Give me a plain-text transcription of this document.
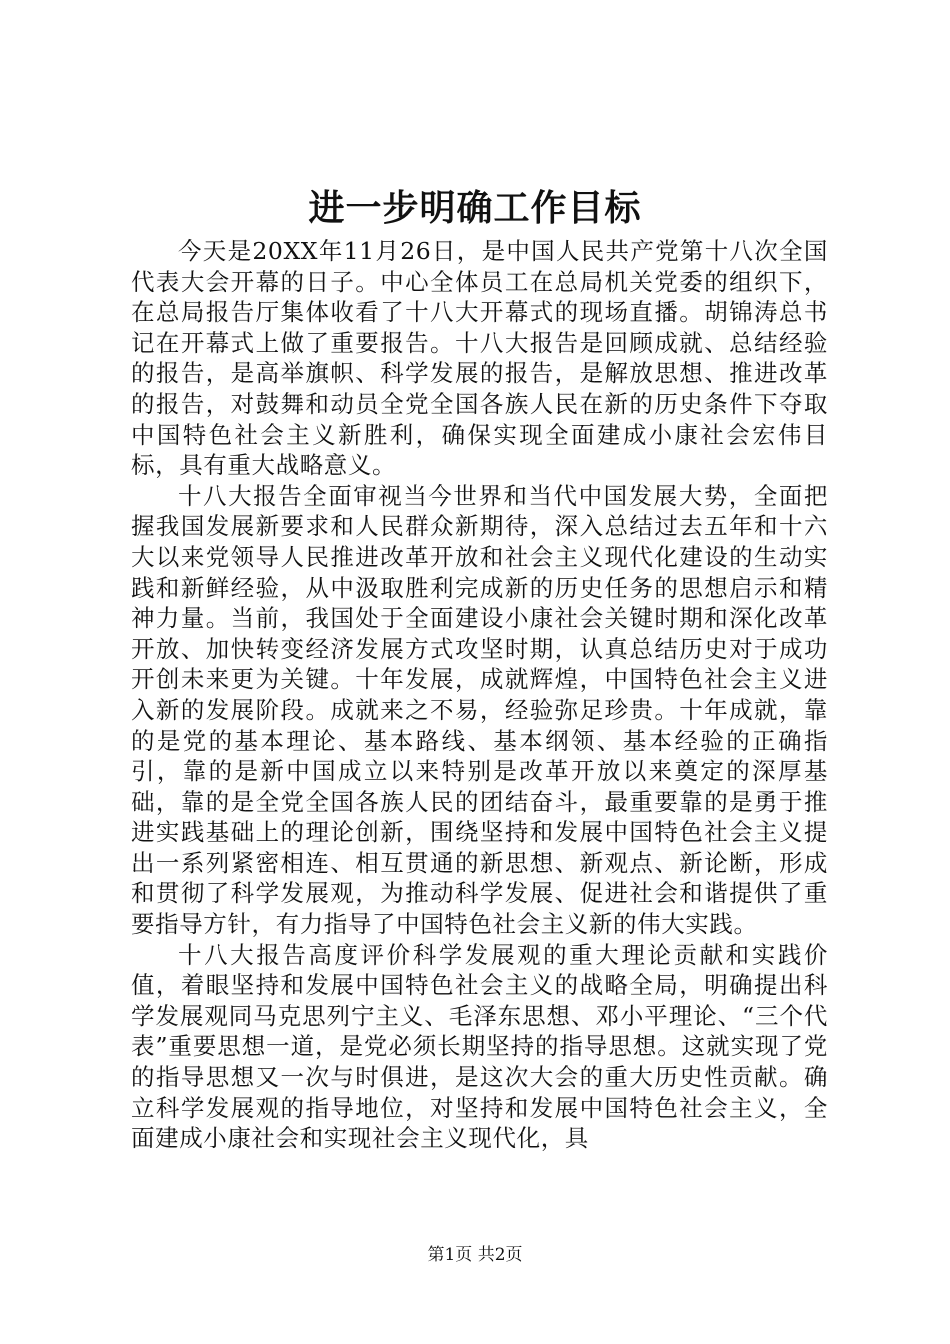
进一步明确工作目标

今天是20XX年11月26日，是中国人民共产党第十八次全国代表大会开幕的日子。中心全体员工在总局机关党委的组织下，在总局报告厅集体收看了十八大开幕式的现场直播。胡锦涛总书记在开幕式上做了重要报告。十八大报告是回顾成就、总结经验的报告，是高举旗帜、科学发展的报告，是解放思想、推进改革的报告，对鼓舞和动员全党全国各族人民在新的历史条件下夺取中国特色社会主义新胜利，确保实现全面建成小康社会宏伟目标，具有重大战略意义。

十八大报告全面审视当今世界和当代中国发展大势，全面把握我国发展新要求和人民群众新期待，深入总结过去五年和十六大以来党领导人民推进改革开放和社会主义现代化建设的生动实践和新鲜经验，从中汲取胜利完成新的历史任务的思想启示和精神力量。当前，我国处于全面建设小康社会关键时期和深化改革开放、加快转变经济发展方式攻坚时期，认真总结历史对于成功开创未来更为关键。十年发展，成就辉煌，中国特色社会主义进入新的发展阶段。成就来之不易，经验弥足珍贵。十年成就，靠的是党的基本理论、基本路线、基本纲领、基本经验的正确指引，靠的是新中国成立以来特别是改革开放以来奠定的深厚基础，靠的是全党全国各族人民的团结奋斗，最重要靠的是勇于推进实践基础上的理论创新，围绕坚持和发展中国特色社会主义提出一系列紧密相连、相互贯通的新思想、新观点、新论断，形成和贯彻了科学发展观，为推动科学发展、促进社会和谐提供了重要指导方针，有力指导了中国特色社会主义新的伟大实践。

十八大报告高度评价科学发展观的重大理论贡献和实践价值，着眼坚持和发展中国特色社会主义的战略全局，明确提出科学发展观同马克思列宁主义、毛泽东思想、邓小平理论、“三个代表”重要思想一道，是党必须长期坚持的指导思想。这就实现了党的指导思想又一次与时俱进，是这次大会的重大历史性贡献。确立科学发展观的指导地位，对坚持和发展中国特色社会主义，全面建成小康社会和实现社会主义现代化，具

第1页 共2页
